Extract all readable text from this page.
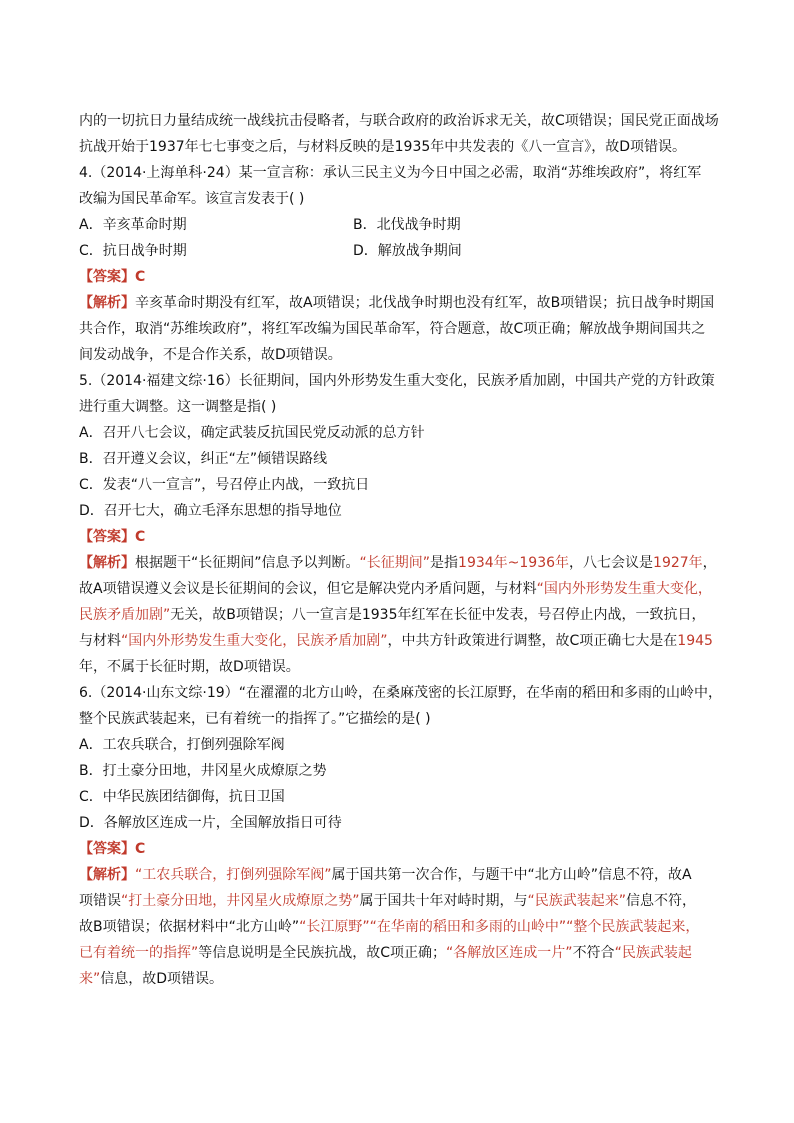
内的一切抗日力量结成统一战线抗击侵略者，与联合政府的政治诉求无关，故C项错误；国民党正面战场
抗战开始于1937年七七事变之后，与材料反映的是1935年中共发表的《八一宣言》，故D项错误。
4.（2014·上海单科·24）某一宣言称：承认三民主义为今日中国之必需，取消“苏维埃政府”，将红军
改编为国民革命军。该宣言发表于( )
A．辛亥革命时期	B．北伐战争时期
C．抗日战争时期	D．解放战争期间
【答案】C
【解析】辛亥革命时期没有红军，故A项错误；北伐战争时期也没有红军，故B项错误；抗日战争时期国
共合作，取消“苏维埃政府”，将红军改编为国民革命军，符合题意，故C项正确；解放战争期间国共之
间发动战争，不是合作关系，故D项错误。
5.（2014·福建文综·16）长征期间，国内外形势发生重大变化，民族矛盾加剧，中国共产党的方针政策
进行重大调整。这一调整是指( )
A．召开八七会议，确定武装反抗国民党反动派的总方针
B．召开遵义会议，纠正“左”倾错误路线
C．发表“八一宣言”，号召停止内战，一致抗日
D．召开七大，确立毛泽东思想的指导地位
【答案】C
【解析】根据题干“长征期间”信息予以判断。“长征期间”是指1934年~1936年，八七会议是1927年，
故A项错误遵义会议是长征期间的会议，但它是解决党内矛盾问题，与材料“国内外形势发生重大变化，
民族矛盾加剧”无关，故B项错误；八一宣言是1935年红军在长征中发表，号召停止内战，一致抗日，
与材料“国内外形势发生重大变化，民族矛盾加剧”，中共方针政策进行调整，故C项正确七大是在1945
年，不属于长征时期，故D项错误。
6.（2014·山东文综·19）“在濯濯的北方山岭，在桑麻茂密的长江原野，在华南的稻田和多雨的山岭中，
整个民族武装起来，已有着统一的指挥了。”它描绘的是( )
A．工农兵联合，打倒列强除军阀
B．打土豪分田地，井冈星火成燎原之势
C．中华民族团结御侮，抗日卫国
D．各解放区连成一片，全国解放指日可待
【答案】C
【解析】“工农兵联合，打倒列强除军阀”属于国共第一次合作，与题干中“北方山岭”信息不符，故A
项错误“打土豪分田地，井冈星火成燎原之势”属于国共十年对峙时期，与“民族武装起来”信息不符，
故B项错误；依据材料中“北方山岭”“长江原野”“在华南的稻田和多雨的山岭中”“整个民族武装起来，
已有着统一的指挥”等信息说明是全民族抗战，故C项正确；“各解放区连成一片”不符合“民族武装起
来”信息，故D项错误。
